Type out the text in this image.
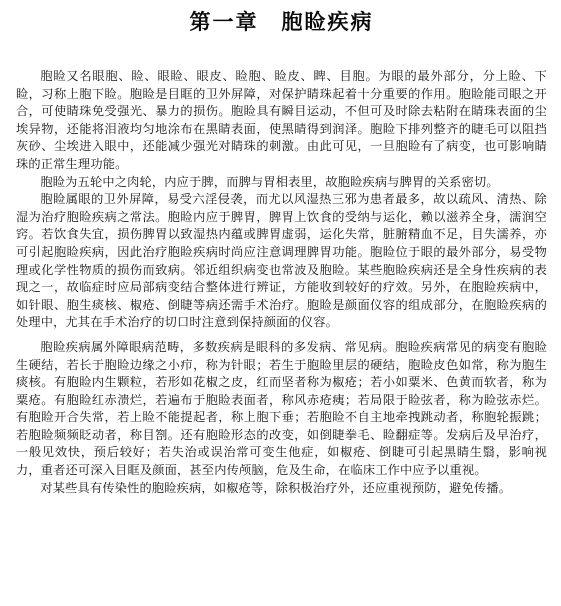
第一章　胞睑疾病

胞睑又名眼胞、睑、眼睑、眼皮、睑胞、睑皮、睥、目胞。为眼的最外部分，分上睑、下睑，习称上胞下睑。胞睑是目眶的卫外屏障，对保护睛珠起着十分重要的作用。胞睑能司眼之开合，可使睛珠免受强光、暴力的损伤。胞睑具有瞬目运动，不但可及时除去粘附在睛珠表面的尘埃异物，还能将泪液均匀地涂布在黑睛表面，使黑睛得到润泽。胞睑下排列整齐的睫毛可以阻挡灰砂、尘埃进入眼中，还能减少强光对睛珠的刺激。由此可见，一旦胞睑有了病变，也可影响睛珠的正常生理功能。

胞睑为五轮中之肉轮，内应于脾，而脾与胃相表里，故胞睑疾病与脾胃的关系密切。

胞睑属眼的卫外屏障，易受六淫侵袭，而尤以风湿热三邪为患者最多，故以疏风、清热、除湿为治疗胞睑疾病之常法。胞睑内应于脾胃，脾胃上饮食的受纳与运化，赖以滋养全身，濡润空窍。若饮食失宜，损伤脾胃以致湿热内蕴或脾胃虚弱，运化失常，脏腑精血不足，目失濡养，亦可引起胞睑疾病，因此治疗胞睑疾病时尚应注意调理脾胃功能。胞睑位于眼的最外部分，易受物理或化学性物质的损伤而致病。邻近组织病变也常波及胞睑。某些胞睑疾病还是全身性疾病的表现之一，故临症时应局部病变结合整体进行辨证，方能收到较好的疗效。另外，在胞睑疾病中，如针眼、胞生痰核、椒疮、倒睫等病还需手术治疗。胞睑是颜面仪容的组成部分，在胞睑疾病的处理中，尤其在手术治疗的切口时注意到保持颜面的仪容。

胞睑疾病属外障眼病范畴，多数疾病是眼科的多发病、常见病。胞睑疾病常见的病变有胞睑生硬结，若长于胞睑边缘之小疖，称为针眼；若生于胞睑里层的硬结，胞睑皮色如常，称为胞生痰核。有胞睑内生颗粒，若形如花椒之皮，红而坚者称为椒疮；若小如粟米、色黄而软者，称为粟疮。有胞睑红赤溃烂，若遍布于胞睑表面者，称风赤疮痍；若局限于睑弦者，称为睑弦赤烂。有胞睑开合失常，若上睑不能提起者，称上胞下垂；若胞睑不自主地牵拽跳动者，称胞轮振跳；若胞睑频频眨动者，称目劄。还有胞睑形态的改变，如倒睫拳毛、睑翻症等。发病后及早治疗，一般见效快，预后较好；若失治或误治常可变生他症，如椒疮、倒睫可引起黑睛生翳，影响视力，重者还可深入目眶及颜面，甚至内传颅脑，危及生命，在临床工作中应予以重视。

对某些具有传染性的胞睑疾病，如椒疮等，除积极治疗外，还应重视预防，避免传播。
